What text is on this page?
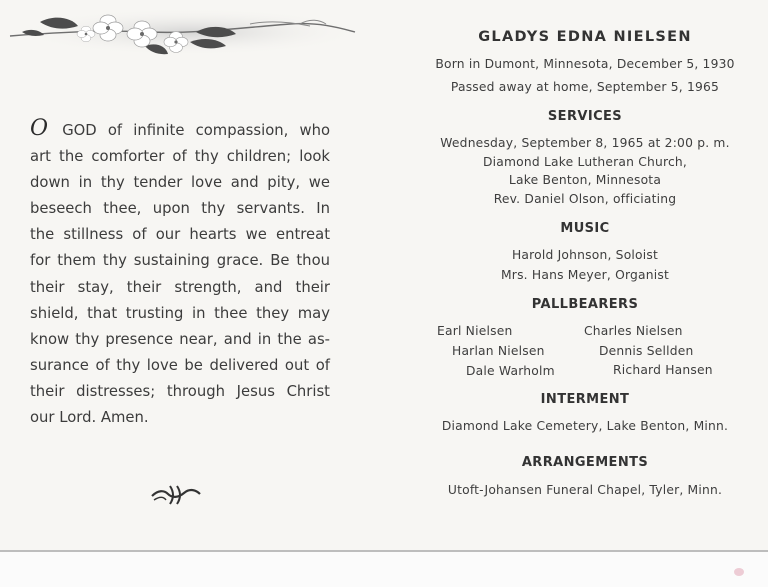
O GOD of infinite compassion, who
art the comforter of thy children; look
down in thy tender love and pity, we
beseech thee, upon thy servants. In
the stillness of our hearts we entreat
for them thy sustaining grace. Be thou
their stay, their strength, and their
shield, that trusting in thee they may
know thy presence near, and in the as-
surance of thy love be delivered out of
their distresses; through Jesus Christ
our Lord. Amen.
GLADYS EDNA NIELSEN
Born in Dumont, Minnesota, December 5, 1930
Passed away at home, September 5, 1965
SERVICES
Wednesday, September 8, 1965 at 2:00 p. m.
Diamond Lake Lutheran Church,
Lake Benton, Minnesota
Rev. Daniel Olson, officiating
MUSIC
Harold Johnson, Soloist
Mrs. Hans Meyer, Organist
PALLBEARERS
Earl Nielsen
Harlan Nielsen
Dale Warholm
Charles Nielsen
Dennis Sellden
Richard Hansen
INTERMENT
Diamond Lake Cemetery, Lake Benton, Minn.
ARRANGEMENTS
Utoft-Johansen Funeral Chapel, Tyler, Minn.
